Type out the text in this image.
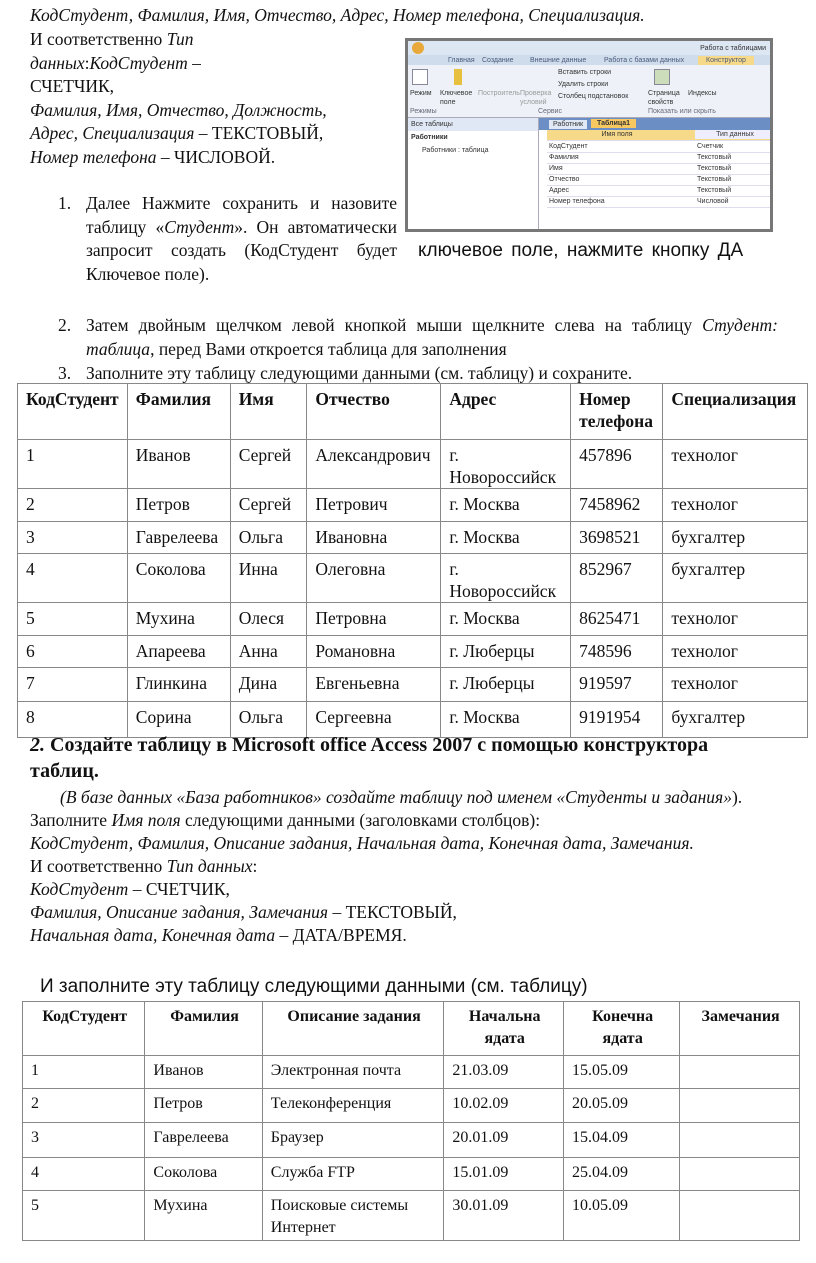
КодСтудент, Фамилия, Имя, Отчество, Адрес, Номер телефона, Специализация.
И соответственно Тип
данных:КодСтудент –
СЧЕТЧИК,
Фамилия, Имя, Отчество, Должность,
Адрес, Специализация – ТЕКСТОВЫЙ,
Номер телефона – ЧИСЛОВОЙ.
1. Далее Нажмите сохранить и назовите таблицу «Студент». Он автоматически запросит создать (КодСтудент будет Ключевое поле).
ключевое поле, нажмите кнопку ДА
Работа с таблицами
Главная Создание Внешние данные	Работа с базами данных	Конструктор
Режим Ключевое поле
Построитель Проверка условий
Вставить строки
Удалить строки
Столбец подстановок	Страница свойств
Индексы
Режимы	Сервис	Показать или скрыть
Все таблицы
Работники
Работники : таблица
Работник	Таблица1
Имя поля	Тип данных
КодСтудент	Счетчик
Фамилия	Текстовый
Имя	Текстовый
Отчество	Текстовый
Адрес	Текстовый
Номер телефона	Числовой
2. Затем двойным щелчком левой кнопкой мыши щелкните слева на таблицу Студент: таблица, перед Вами откроется таблица для заполнения
3. Заполните эту таблицу следующими данными (см. таблицу) и сохраните.
КодСтудент	Фамилия	Имя	Отчество	Адрес	Номер телефона	Специализация
1	Иванов	Сергей	Александрович	г. Новороссийск	457896	технолог
2	Петров	Сергей	Петрович	г. Москва	7458962	технолог
3	Гаврелеева	Ольга	Ивановна	г. Москва	3698521	бухгалтер
4	Соколова	Инна	Олеговна	г. Новороссийск	852967	бухгалтер
5	Мухина	Олеся	Петровна	г. Москва	8625471	технолог
6	Апареева	Анна	Романовна	г. Люберцы	748596	технолог
7	Глинкина	Дина	Евгеньевна	г. Люберцы	919597	технолог
8	Сорина	Ольга	Сергеевна	г. Москва	9191954	бухгалтер
2. Создайте таблицу в Microsoft office Access 2007 с помощью конструктора таблиц.
(В базе данных «База работников» создайте таблицу под именем «Студенты и задания»). Заполните Имя поля следующими данными (заголовками столбцов):
КодСтудент, Фамилия, Описание задания, Начальная дата, Конечная дата, Замечания.
И соответственно Тип данных:
КодСтудент – СЧЕТЧИК,
Фамилия, Описание задания, Замечания – ТЕКСТОВЫЙ,
Начальная дата, Конечная дата – ДАТА/ВРЕМЯ.
И заполните эту таблицу следующими данными (см. таблицу)
КодСтудент	Фамилия	Описание задания	Начальна ядата	Конечна ядата	Замечания
1	Иванов	Электронная почта	21.03.09	15.05.09	
2	Петров	Телеконференция	10.02.09	20.05.09	
3	Гаврелеева	Браузер	20.01.09	15.04.09	
4	Соколова	Служба FTP	15.01.09	25.04.09	
5	Мухина	Поисковые системы Интернет	30.01.09	10.05.09	
